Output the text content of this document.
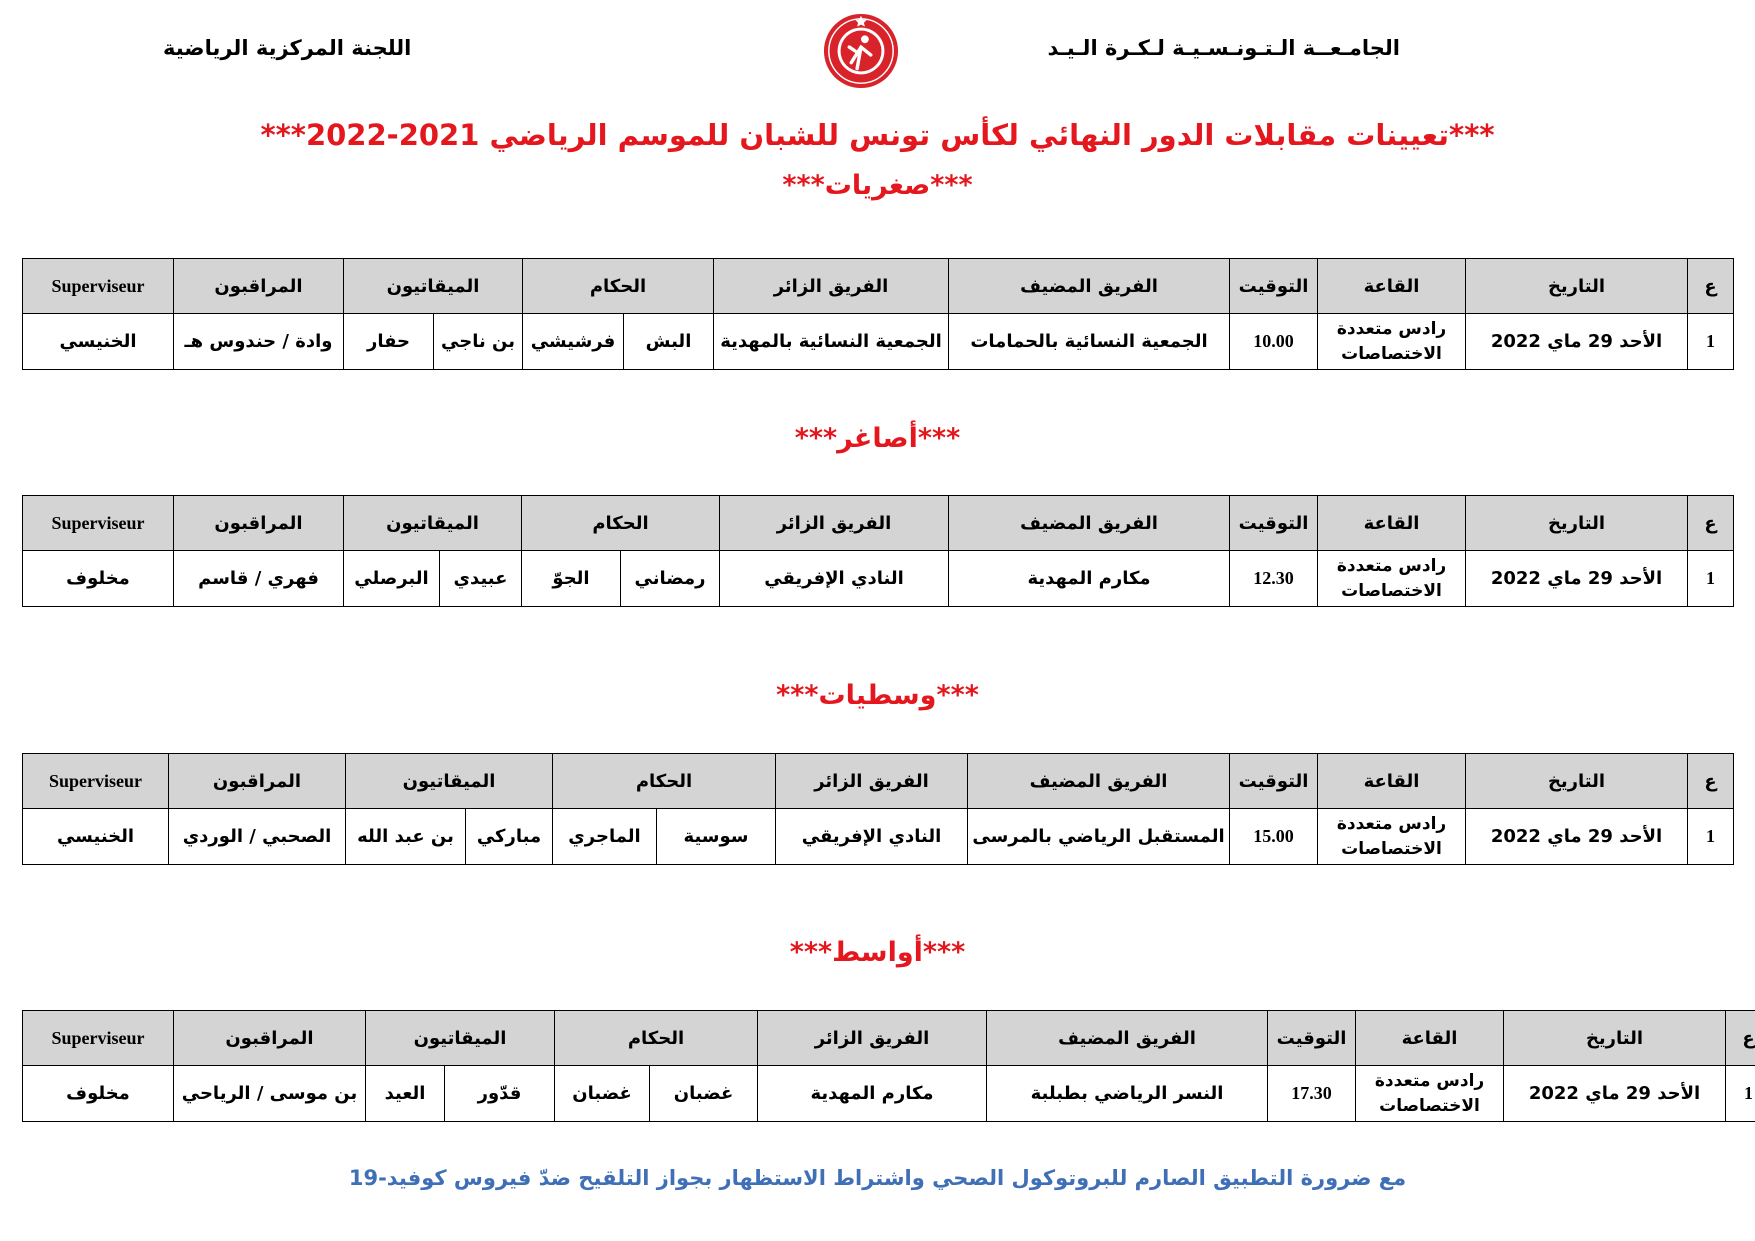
الجامـعــة الـتـونـسـيـة لـكـرة الـيـد
اللجنة المركزية الرياضية
***تعيينات مقابلات الدور النهائي لكأس تونس للشبان للموسم الرياضي 2021-2022***
***صغريات***
ع	التاريخ	القاعة	التوقيت	الفريق المضيف	الفريق الزائر	الحكام		الميقاتيون		المراقبون	Superviseur
1	الأحد 29 ماي 2022	رادس متعددة الاختصاصات	10.00	الجمعية النسائية بالحمامات	الجمعية النسائية بالمهدية	البش	فرشيشي	بن ناجي	حفار	وادة / حندوس هـ	الخنيسي
***أصاغر***
ع	التاريخ	القاعة	التوقيت	الفريق المضيف	الفريق الزائر	الحكام		الميقاتيون		المراقبون	Superviseur
1	الأحد 29 ماي 2022	رادس متعددة الاختصاصات	12.30	مكارم المهدية	النادي الإفريقي	رمضاني	الجوّ	عبيدي	البرصلي	فهري / قاسم	مخلوف
***وسطيات***
ع	التاريخ	القاعة	التوقيت	الفريق المضيف	الفريق الزائر	الحكام		الميقاتيون		المراقبون	Superviseur
1	الأحد 29 ماي 2022	رادس متعددة الاختصاصات	15.00	المستقبل الرياضي بالمرسى	النادي الإفريقي	سوسية	الماجري	مباركي	بن عبد الله	الصحبي / الوردي	الخنيسي
***أواسط***
ع	التاريخ	القاعة	التوقيت	الفريق المضيف	الفريق الزائر	الحكام		الميقاتيون		المراقبون	Superviseur
1	الأحد 29 ماي 2022	رادس متعددة الاختصاصات	17.30	النسر الرياضي بطبلبة	مكارم المهدية	غضبان	غضبان	قدّور	العيد	بن موسى / الرياحي	مخلوف
مع ضرورة التطبيق الصارم للبروتوكول الصحي واشتراط الاستظهار بجواز التلقيح ضدّ فيروس كوفيد-19
